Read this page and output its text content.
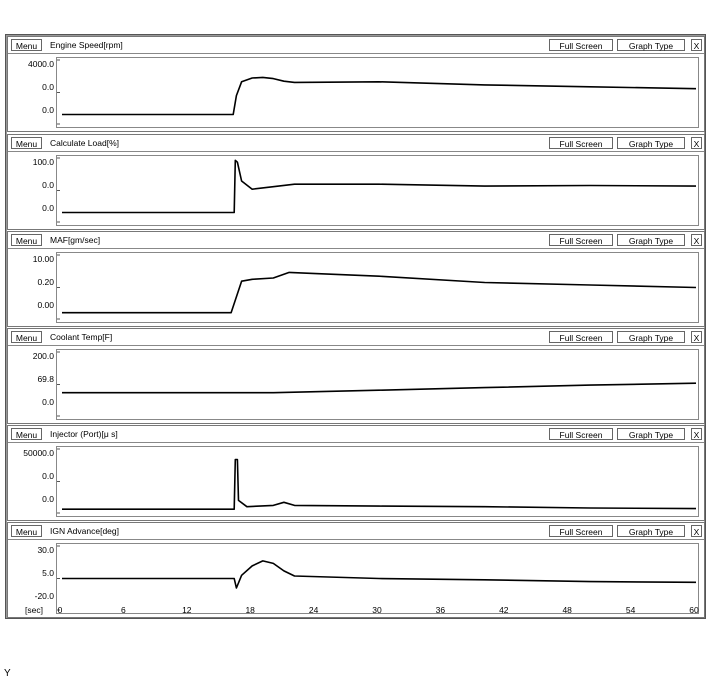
Menu	Engine Speed[rpm]	Full Screen	Graph Type	X
4000.0
0.0
0.0
Menu	Calculate Load[%]	Full Screen	Graph Type	X
100.0
0.0
0.0
Menu	MAF[gm/sec]	Full Screen	Graph Type	X
10.00
0.20
0.00
Menu	Coolant Temp[F]	Full Screen	Graph Type	X
200.0
69.8
0.0
Menu	Injector (Port)[μ s]	Full Screen	Graph Type	X
50000.0
0.0
0.0
Menu	IGN Advance[deg]	Full Screen	Graph Type	X
30.0
5.0
-20.0
[sec]	0	6	12	18	24	30	36	42	48	54	60
Y
